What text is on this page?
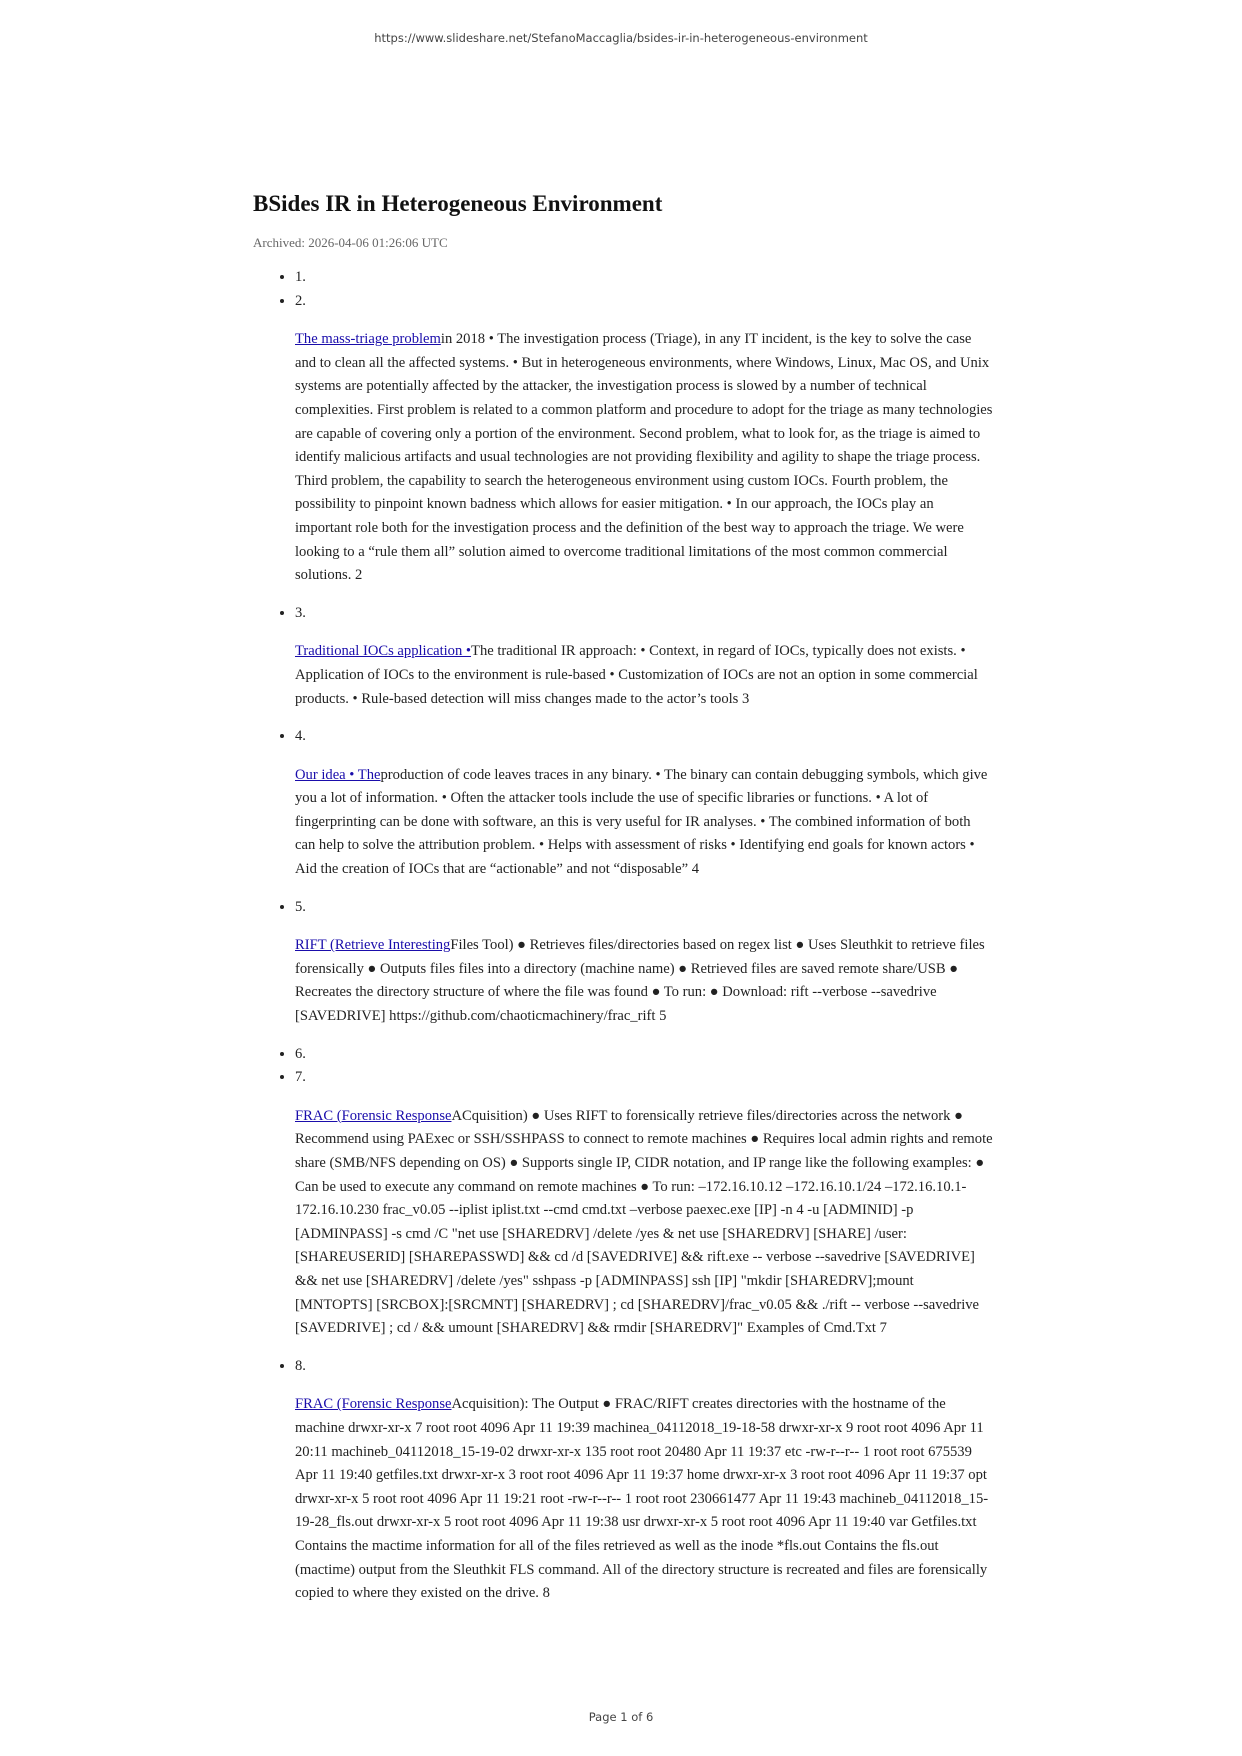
https://www.slideshare.net/StefanoMaccaglia/bsides-ir-in-heterogeneous-environment
BSides IR in Heterogeneous Environment
Archived: 2026-04-06 01:26:06 UTC
• 1.
• 2.
The mass-triage problemin 2018 • The investigation process (Triage), in any IT incident, is the key to solve the case and to clean all the affected systems. • But in heterogeneous environments, where Windows, Linux, Mac OS, and Unix systems are potentially affected by the attacker, the investigation process is slowed by a number of technical complexities. First problem is related to a common platform and procedure to adopt for the triage as many technologies are capable of covering only a portion of the environment. Second problem, what to look for, as the triage is aimed to identify malicious artifacts and usual technologies are not providing flexibility and agility to shape the triage process. Third problem, the capability to search the heterogeneous environment using custom IOCs. Fourth problem, the possibility to pinpoint known badness which allows for easier mitigation. • In our approach, the IOCs play an important role both for the investigation process and the definition of the best way to approach the triage. We were looking to a “rule them all” solution aimed to overcome traditional limitations of the most common commercial solutions. 2
• 3.
Traditional IOCs application •The traditional IR approach: • Context, in regard of IOCs, typically does not exists. • Application of IOCs to the environment is rule-based • Customization of IOCs are not an option in some commercial products. • Rule-based detection will miss changes made to the actor’s tools 3
• 4.
Our idea • Theproduction of code leaves traces in any binary. • The binary can contain debugging symbols, which give you a lot of information. • Often the attacker tools include the use of specific libraries or functions. • A lot of fingerprinting can be done with software, an this is very useful for IR analyses. • The combined information of both can help to solve the attribution problem. • Helps with assessment of risks • Identifying end goals for known actors • Aid the creation of IOCs that are “actionable” and not “disposable” 4
• 5.
RIFT (Retrieve InterestingFiles Tool) ● Retrieves files/directories based on regex list ● Uses Sleuthkit to retrieve files forensically ● Outputs files files into a directory (machine name) ● Retrieved files are saved remote share/USB ● Recreates the directory structure of where the file was found ● To run: ● Download: rift --verbose --savedrive [SAVEDRIVE] https://github.com/chaoticmachinery/frac_rift 5
• 6.
• 7.
FRAC (Forensic ResponseACquisition) ● Uses RIFT to forensically retrieve files/directories across the network ● Recommend using PAExec or SSH/SSHPASS to connect to remote machines ● Requires local admin rights and remote share (SMB/NFS depending on OS) ● Supports single IP, CIDR notation, and IP range like the following examples: ● Can be used to execute any command on remote machines ● To run: –172.16.10.12 –172.16.10.1/24 –172.16.10.1-172.16.10.230 frac_v0.05 --iplist iplist.txt --cmd cmd.txt –verbose paexec.exe [IP] -n 4 -u [ADMINID] -p [ADMINPASS] -s cmd /C "net use [SHAREDRV] /delete /yes & net use [SHAREDRV] [SHARE] /user:[SHAREUSERID] [SHAREPASSWD] && cd /d [SAVEDRIVE] && rift.exe -- verbose --savedrive [SAVEDRIVE] && net use [SHAREDRV] /delete /yes" sshpass -p [ADMINPASS] ssh [IP] "mkdir [SHAREDRV];mount [MNTOPTS] [SRCBOX]:[SRCMNT] [SHAREDRV] ; cd [SHAREDRV]/frac_v0.05 && ./rift -- verbose --savedrive [SAVEDRIVE] ; cd / && umount [SHAREDRV] && rmdir [SHAREDRV]" Examples of Cmd.Txt 7
• 8.
FRAC (Forensic ResponseAcquisition): The Output ● FRAC/RIFT creates directories with the hostname of the machine drwxr-xr-x 7 root root 4096 Apr 11 19:39 machinea_04112018_19-18-58 drwxr-xr-x 9 root root 4096 Apr 11 20:11 machineb_04112018_15-19-02 drwxr-xr-x 135 root root 20480 Apr 11 19:37 etc -rw-r--r-- 1 root root 675539 Apr 11 19:40 getfiles.txt drwxr-xr-x 3 root root 4096 Apr 11 19:37 home drwxr-xr-x 3 root root 4096 Apr 11 19:37 opt drwxr-xr-x 5 root root 4096 Apr 11 19:21 root -rw-r--r-- 1 root root 230661477 Apr 11 19:43 machineb_04112018_15-19-28_fls.out drwxr-xr-x 5 root root 4096 Apr 11 19:38 usr drwxr-xr-x 5 root root 4096 Apr 11 19:40 var Getfiles.txt Contains the mactime information for all of the files retrieved as well as the inode *fls.out Contains the fls.out (mactime) output from the Sleuthkit FLS command. All of the directory structure is recreated and files are forensically copied to where they existed on the drive. 8
Page 1 of 6
